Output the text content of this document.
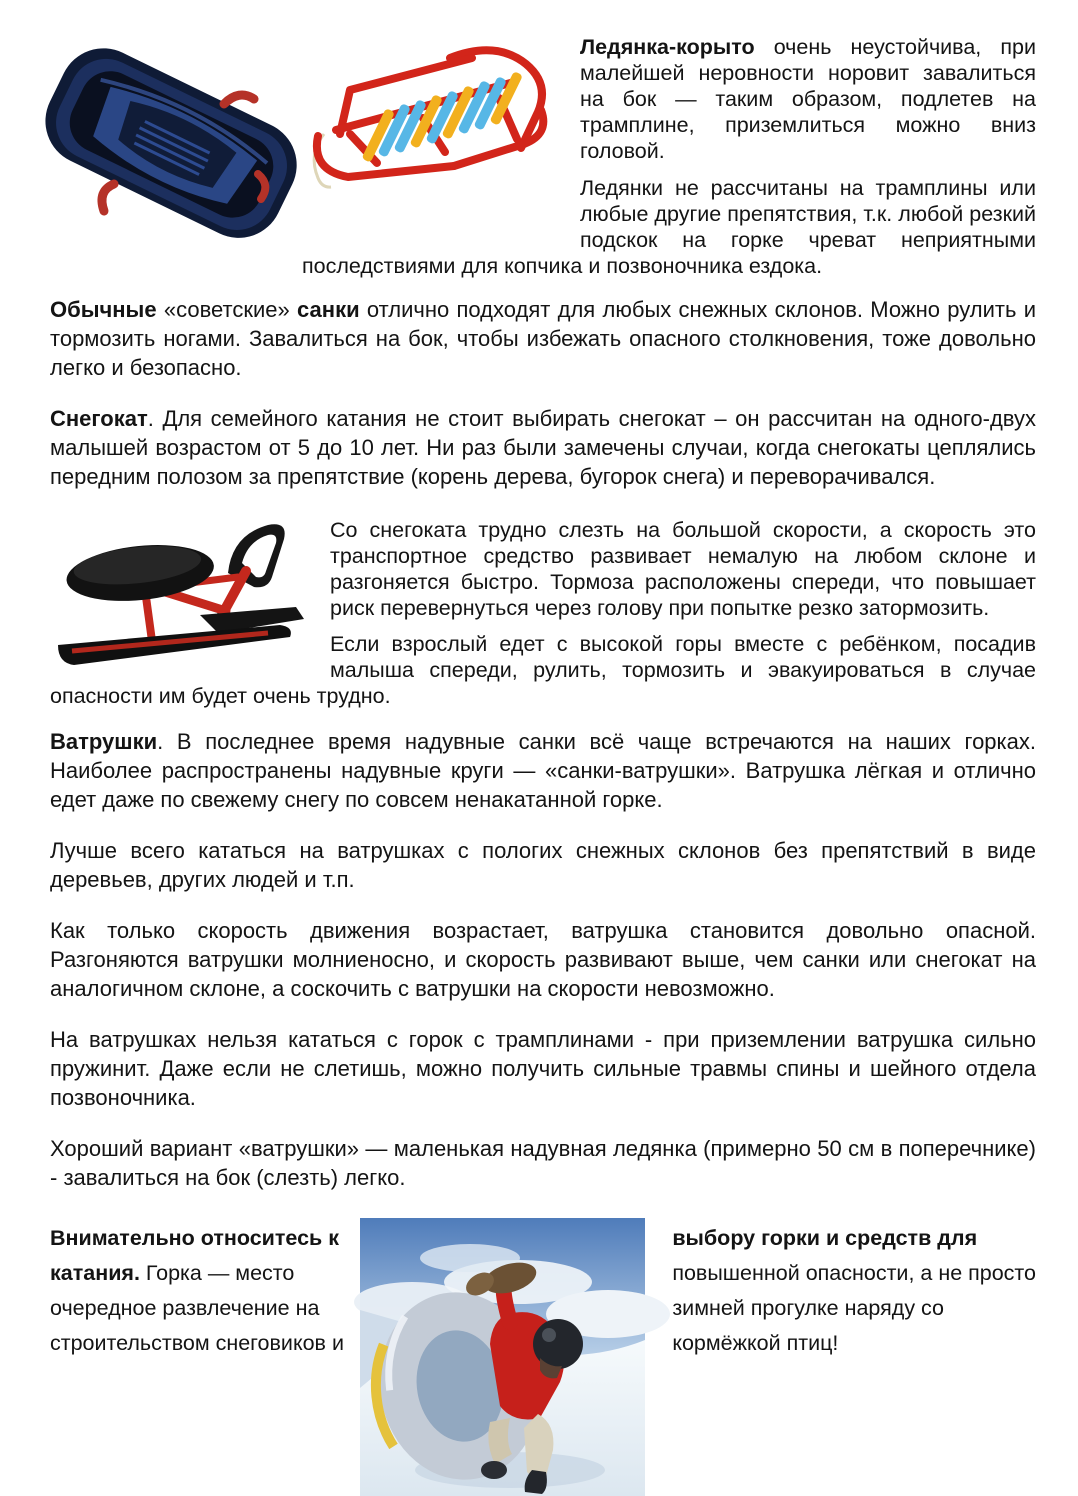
Ледянка-корыто очень неустойчива, при малейшей неровности норовит завалиться на бок — таким образом, подлетев на трамплине, приземлиться можно вниз головой.

Ледянки не рассчитаны на трамплины или любые другие препятствия, т.к. любой резкий подскок на горке чреват неприятными последствиями для копчика и позвоночника ездока.

Обычные «советские» санки отлично подходят для любых снежных склонов. Можно рулить и тормозить ногами. Завалиться на бок, чтобы избежать опасного столкновения, тоже довольно легко и безопасно.

Снегокат. Для семейного катания не стоит выбирать снегокат – он рассчитан на одного-двух малышей возрастом от 5 до 10 лет. Ни раз были замечены случаи, когда снегокаты цеплялись передним полозом за препятствие (корень дерева, бугорок снега) и переворачивался.

Со снегоката трудно слезть на большой скорости, а скорость это транспортное средство развивает немалую на любом склоне и разгоняется быстро. Тормоза расположены спереди, что повышает риск перевернуться через голову при попытке резко затормозить.

Если взрослый едет с высокой горы вместе с ребёнком, посадив малыша спереди, рулить, тормозить и эвакуироваться в случае опасности им будет очень трудно.

Ватрушки. В последнее время надувные санки всё чаще встречаются на наших горках. Наиболее распространены надувные круги — «санки-ватрушки». Ватрушка лёгкая и отлично едет даже по свежему снегу по совсем ненакатанной горке.

Лучше всего кататься на ватрушках с пологих снежных склонов без препятствий в виде деревьев, других людей и т.п.

Как только скорость движения возрастает, ватрушка становится довольно опасной. Разгоняются ватрушки молниеносно, и скорость развивают выше, чем санки или снегокат на аналогичном склоне, а соскочить с ватрушки на скорости невозможно.

На ватрушках нельзя кататься с горок с трамплинами - при приземлении ватрушка сильно пружинит. Даже если не слетишь, можно получить сильные травмы спины и шейного отдела позвоночника.

Хороший вариант «ватрушки» — маленькая надувная ледянка (примерно 50 см в поперечнике) - завалиться на бок (слезть) легко.

Внимательно относитесь к
катания. Горка — место
очередное развлечение на
строительством снеговиков и
выбору горки и средств для
повышенной опасности, а не просто
зимней прогулке наряду со
кормёжкой птиц!
